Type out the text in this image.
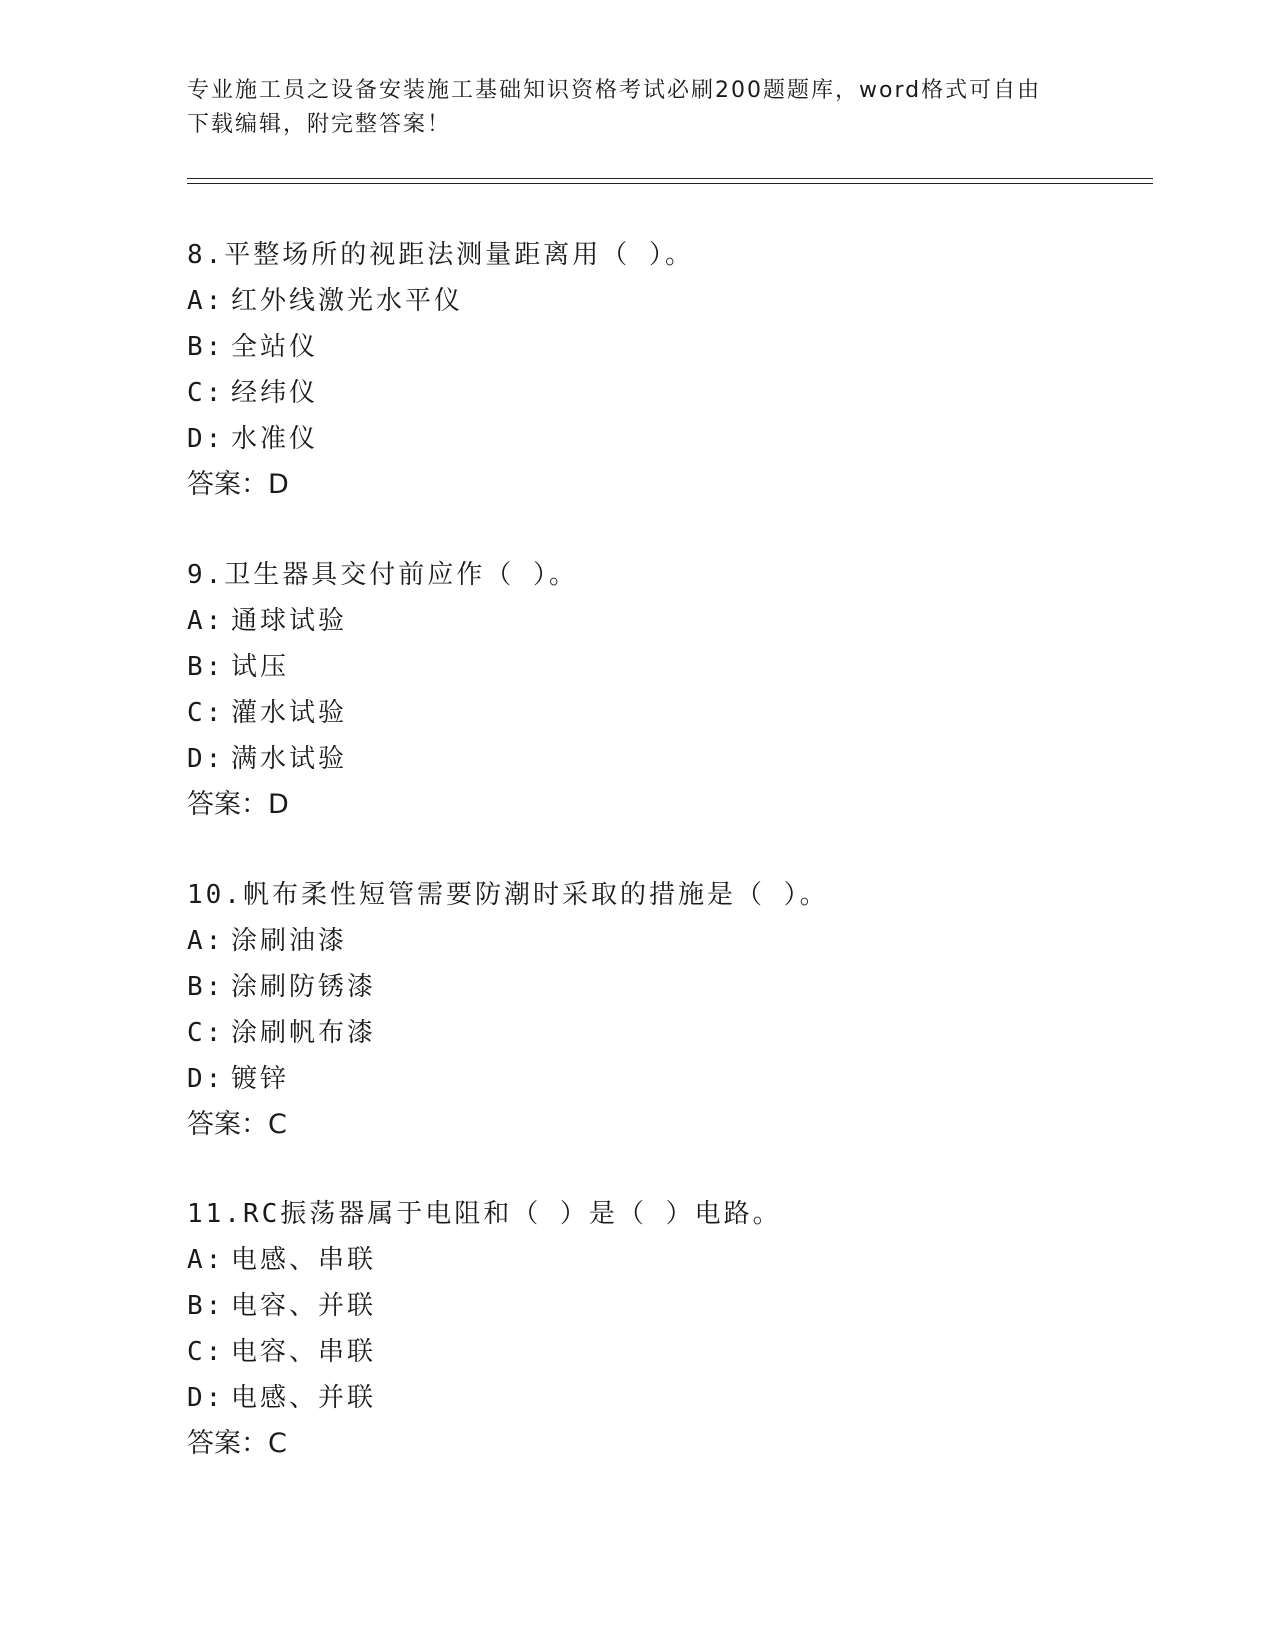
专业施工员之设备安装施工基础知识资格考试必刷200题题库，word格式可自由
下载编辑，附完整答案！
8.平整场所的视距法测量距离用（ ）。
A: 红外线激光水平仪
B: 全站仪
C: 经纬仪
D: 水准仪
答案：D
9.卫生器具交付前应作（ ）。
A: 通球试验
B: 试压
C: 灌水试验
D: 满水试验
答案：D
10.帆布柔性短管需要防潮时采取的措施是（ ）。
A: 涂刷油漆
B: 涂刷防锈漆
C: 涂刷帆布漆
D: 镀锌
答案：C
11.RC振荡器属于电阻和（ ）是（ ）电路。
A: 电感、串联
B: 电容、并联
C: 电容、串联
D: 电感、并联
答案：C
